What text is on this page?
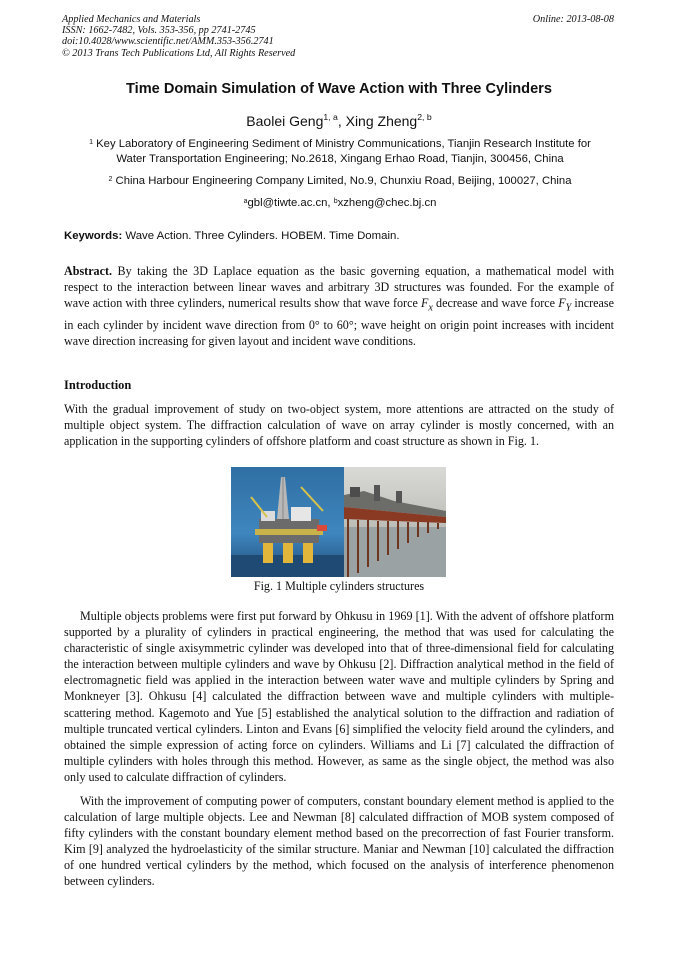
Applied Mechanics and Materials
ISSN: 1662-7482, Vols. 353-356, pp 2741-2745
doi:10.4028/www.scientific.net/AMM.353-356.2741
© 2013 Trans Tech Publications Ltd, All Rights Reserved
Online: 2013-08-08
Time Domain Simulation of Wave Action with Three Cylinders
Baolei Geng$^{1, a}$, Xing Zheng$^{2, b}$
$^1$ Key Laboratory of Engineering Sediment of Ministry Communications, Tianjin Research Institute for
Water Transportation Engineering; No.2618, Xingang Erhao Road, Tianjin, 300456, China
$^2$ China Harbour Engineering Company Limited, No.9, Chunxiu Road, Beijing, 100027, China
$^a$gbl@tiwte.ac.cn, $^b$xzheng@chec.bj.cn
Keywords: Wave Action. Three Cylinders. HOBEM. Time Domain.
Abstract. By taking the 3D Laplace equation as the basic governing equation, a mathematical model with respect to the interaction between linear waves and arbitrary 3D structures was founded. For the example of wave action with three cylinders, numerical results show that wave force $F_x$ decrease and wave force $F_Y$ increase in each cylinder by incident wave direction from 0° to 60°; wave height on origin point increases with incident wave direction increasing for given layout and incident wave conditions.
Introduction
With the gradual improvement of study on two-object system, more attentions are attracted on the study of multiple object system. The diffraction calculation of wave on array cylinder is mostly concerned, with an application in the supporting cylinders of offshore platform and coast structure as shown in Fig. 1.
Fig. 1 Multiple cylinders structures
Multiple objects problems were first put forward by Ohkusu in 1969 [1]. With the advent of offshore platform supported by a plurality of cylinders in practical engineering, the method that was used for calculating the characteristic of single axisymmetric cylinder was developed into that of three-dimensional field for calculating the interaction between multiple cylinders and wave by Ohkusu [2]. Diffraction analytical method in the field of electromagnetic field was applied in the interaction between water wave and multiple cylinders by Spring and Monkneyer [3]. Ohkusu [4] calculated the diffraction between wave and multiple cylinders with multiple-scattering method. Kagemoto and Yue [5] established the analytical solution to the diffraction and radiation of multiple truncated vertical cylinders. Linton and Evans [6] simplified the velocity field around the cylinders, and obtained the simple expression of acting force on cylinders. Williams and Li [7] calculated the diffraction of multiple cylinders with holes through this method. However, as same as the single object, the method was also only used to calculate diffraction of cylinders.
With the improvement of computing power of computers, constant boundary element method is applied to the calculation of large multiple objects. Lee and Newman [8] calculated diffraction of MOB system composed of fifty cylinders with the constant boundary element method based on the precorrection of fast Fourier transform. Kim [9] analyzed the hydroelasticity of the similar structure. Maniar and Newman [10] calculated the diffraction of one hundred vertical cylinders by the method, which focused on the analysis of interference phenomenon between cylinders.
